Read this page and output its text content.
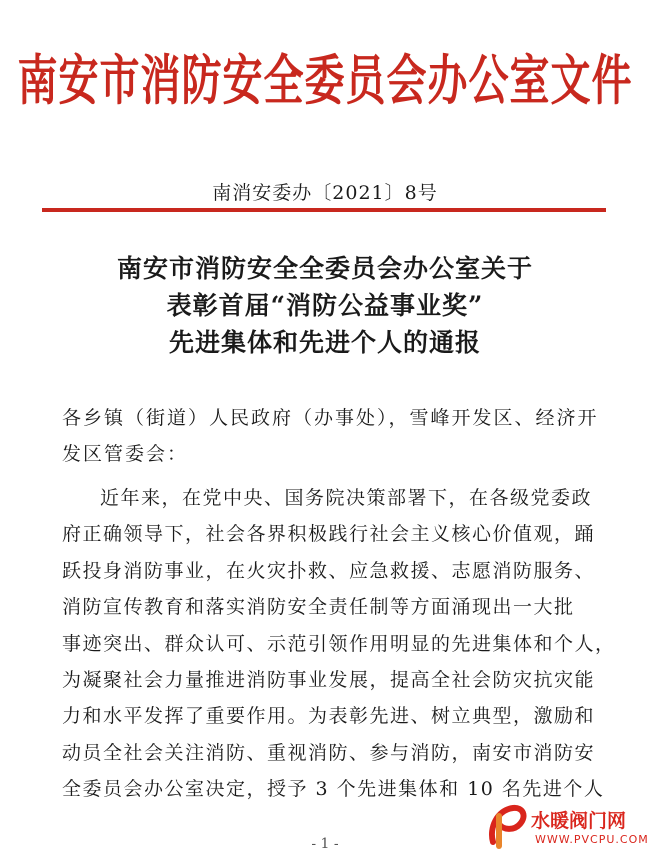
南安市消防安全委员会办公室文件
南消安委办〔2021〕8号
南安市消防安全全委员会办公室关于
表彰首届“消防公益事业奖”
先进集体和先进个人的通报
各乡镇（街道）人民政府（办事处），雪峰开发区、经济开发区管委会：
近年来，在党中央、国务院决策部署下，在各级党委政
府正确领导下，社会各界积极践行社会主义核心价值观，踊
跃投身消防事业，在火灾扑救、应急救援、志愿消防服务、
消防宣传教育和落实消防安全责任制等方面涌现出一大批
事迹突出、群众认可、示范引领作用明显的先进集体和个人，
为凝聚社会力量推进消防事业发展，提高全社会防灾抗灾能
力和水平发挥了重要作用。为表彰先进、树立典型，激励和
动员全社会关注消防、重视消防、参与消防，南安市消防安
全委员会办公室决定，授予 3 个先进集体和 10 名先进个人
- 1 -
水暖阀门网
WWW.PVCPU.COM
